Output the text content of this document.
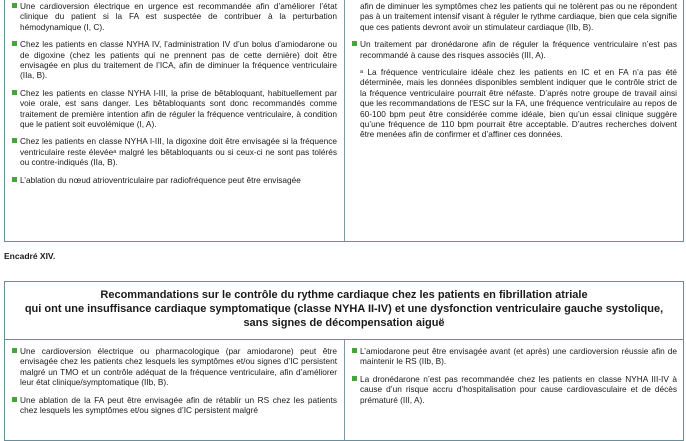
Une cardioversion électrique en urgence est recommandée afin d’améliorer l’état clinique du patient si la FA est suspectée de contribuer à la perturbation hémodynamique (I, C).

Chez les patients en classe NYHA IV, l’administration IV d’un bolus d’amiodarone ou de digoxine (chez les patients qui ne prennent pas de cette dernière) doit être envisagée en plus du traitement de l’ICA, afin de diminuer la fréquence ventriculaire (IIa, B).

Chez les patients en classe NYHA I-III, la prise de bêtabloquant, habituellement par voie orale, est sans danger. Les bêtabloquants sont donc recommandés comme traitement de première intention afin de réguler la fréquence ventriculaire, à condition que le patient soit euvolémique (I, A).

Chez les patients en classe NYHA I-III, la digoxine doit être envisagée si la fréquence ventriculaire reste élevéeᵃ malgré les bêtabloquants ou si ceux-ci ne sont pas tolérés ou contre-indiqués (IIa, B).

L’ablation du nœud atrioventriculaire par radiofréquence peut être envisagée

afin de diminuer les symptômes chez les patients qui ne tolèrent pas ou ne répondent pas à un traitement intensif visant à réguler le rythme cardiaque, bien que cela signifie que ces patients devront avoir un stimulateur cardiaque (IIb, B).

Un traitement par dronédarone afin de réguler la fréquence ventriculaire n’est pas recommandé à cause des risques associés (III, A).

ᵃ La fréquence ventriculaire idéale chez les patients en IC et en FA n’a pas été déterminée, mais les données disponibles semblent indiquer que le contrôle strict de la fréquence ventriculaire pourrait être néfaste. D’après notre groupe de travail ainsi que les recommandations de l’ESC sur la FA, une fréquence ventriculaire au repos de 60-100 bpm peut être considérée comme idéale, bien qu’un essai clinique suggère qu’une fréquence de 110 bpm pourrait être acceptable. D’autres recherches doivent être menées afin de confirmer et d’affiner ces données.

Encadré XIV.
Recommandations sur le contrôle du rythme cardiaque chez les patients en fibrillation atriale
qui ont une insuffisance cardiaque symptomatique (classe NYHA II-IV) et une dysfonction ventriculaire gauche systolique,
sans signes de décompensation aiguë

Une cardioversion électrique ou pharmacologique (par amiodarone) peut être envisagée chez les patients chez lesquels les symptômes et/ou signes d’IC persistent malgré un TMO et un contrôle adéquat de la fréquence ventriculaire, afin d’améliorer leur état clinique/symptomatique (IIb, B).

Une ablation de la FA peut être envisagée afin de rétablir un RS chez les patients chez lesquels les symptômes et/ou signes d’IC persistent malgré

L’amiodarone peut être envisagée avant (et après) une cardioversion réussie afin de maintenir le RS (IIb, B).

La dronédarone n’est pas recommandée chez les patients en classe NYHA III-IV à cause d’un risque accru d’hospitalisation pour cause cardiovasculaire et de décès prématuré (III, A).
